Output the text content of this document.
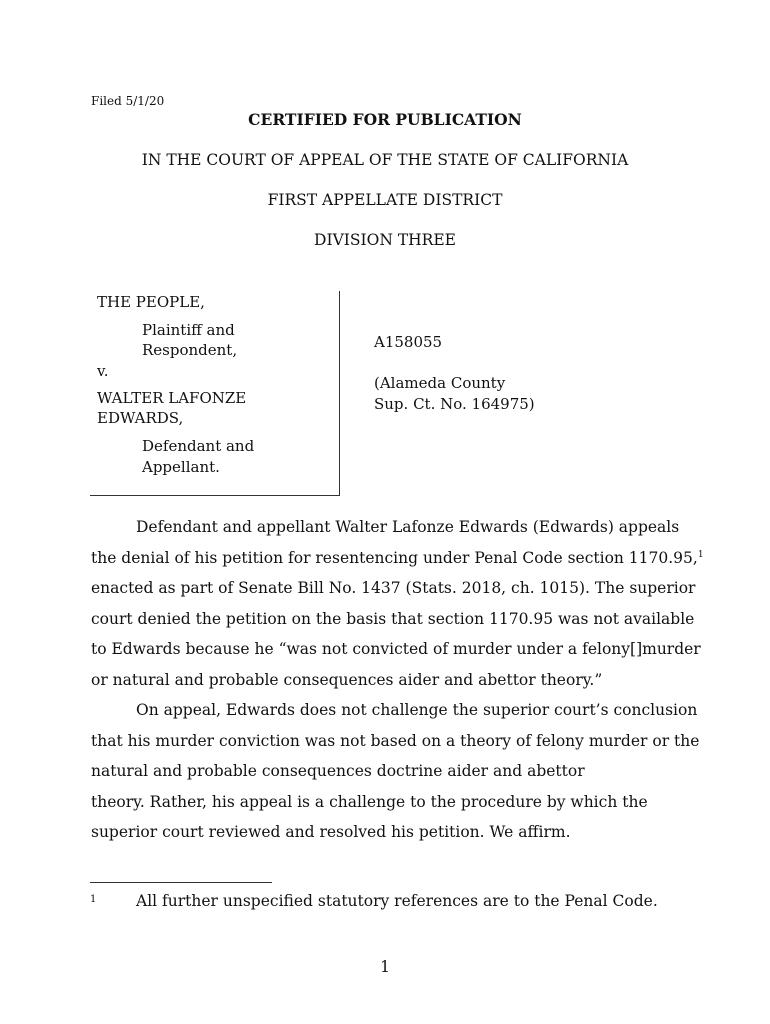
Filed 5/1/20
CERTIFIED FOR PUBLICATION
IN THE COURT OF APPEAL OF THE STATE OF CALIFORNIA
FIRST APPELLATE DISTRICT
DIVISION THREE
THE PEOPLE,
Plaintiff and
Respondent,
v.
WALTER LAFONZE
EDWARDS,
Defendant and
Appellant.
A158055
(Alameda County
Sup. Ct. No. 164975)

Defendant and appellant Walter Lafonze Edwards (Edwards) appeals

the denial of his petition for resentencing under Penal Code section 1170.95,$^1$

enacted as part of Senate Bill No. 1437 (Stats. 2018, ch. 1015). The superior

court denied the petition on the basis that section 1170.95 was not available

to Edwards because he “was not convicted of murder under a felony[]murder

or natural and probable consequences aider and abettor theory.”

On appeal, Edwards does not challenge the superior court’s conclusion

that his murder conviction was not based on a theory of felony murder or the

natural and probable consequences doctrine aider and abettor

theory. Rather, his appeal is a challenge to the procedure by which the

superior court reviewed and resolved his petition. We affirm.

1	All further unspecified statutory references are to the Penal Code.
1
